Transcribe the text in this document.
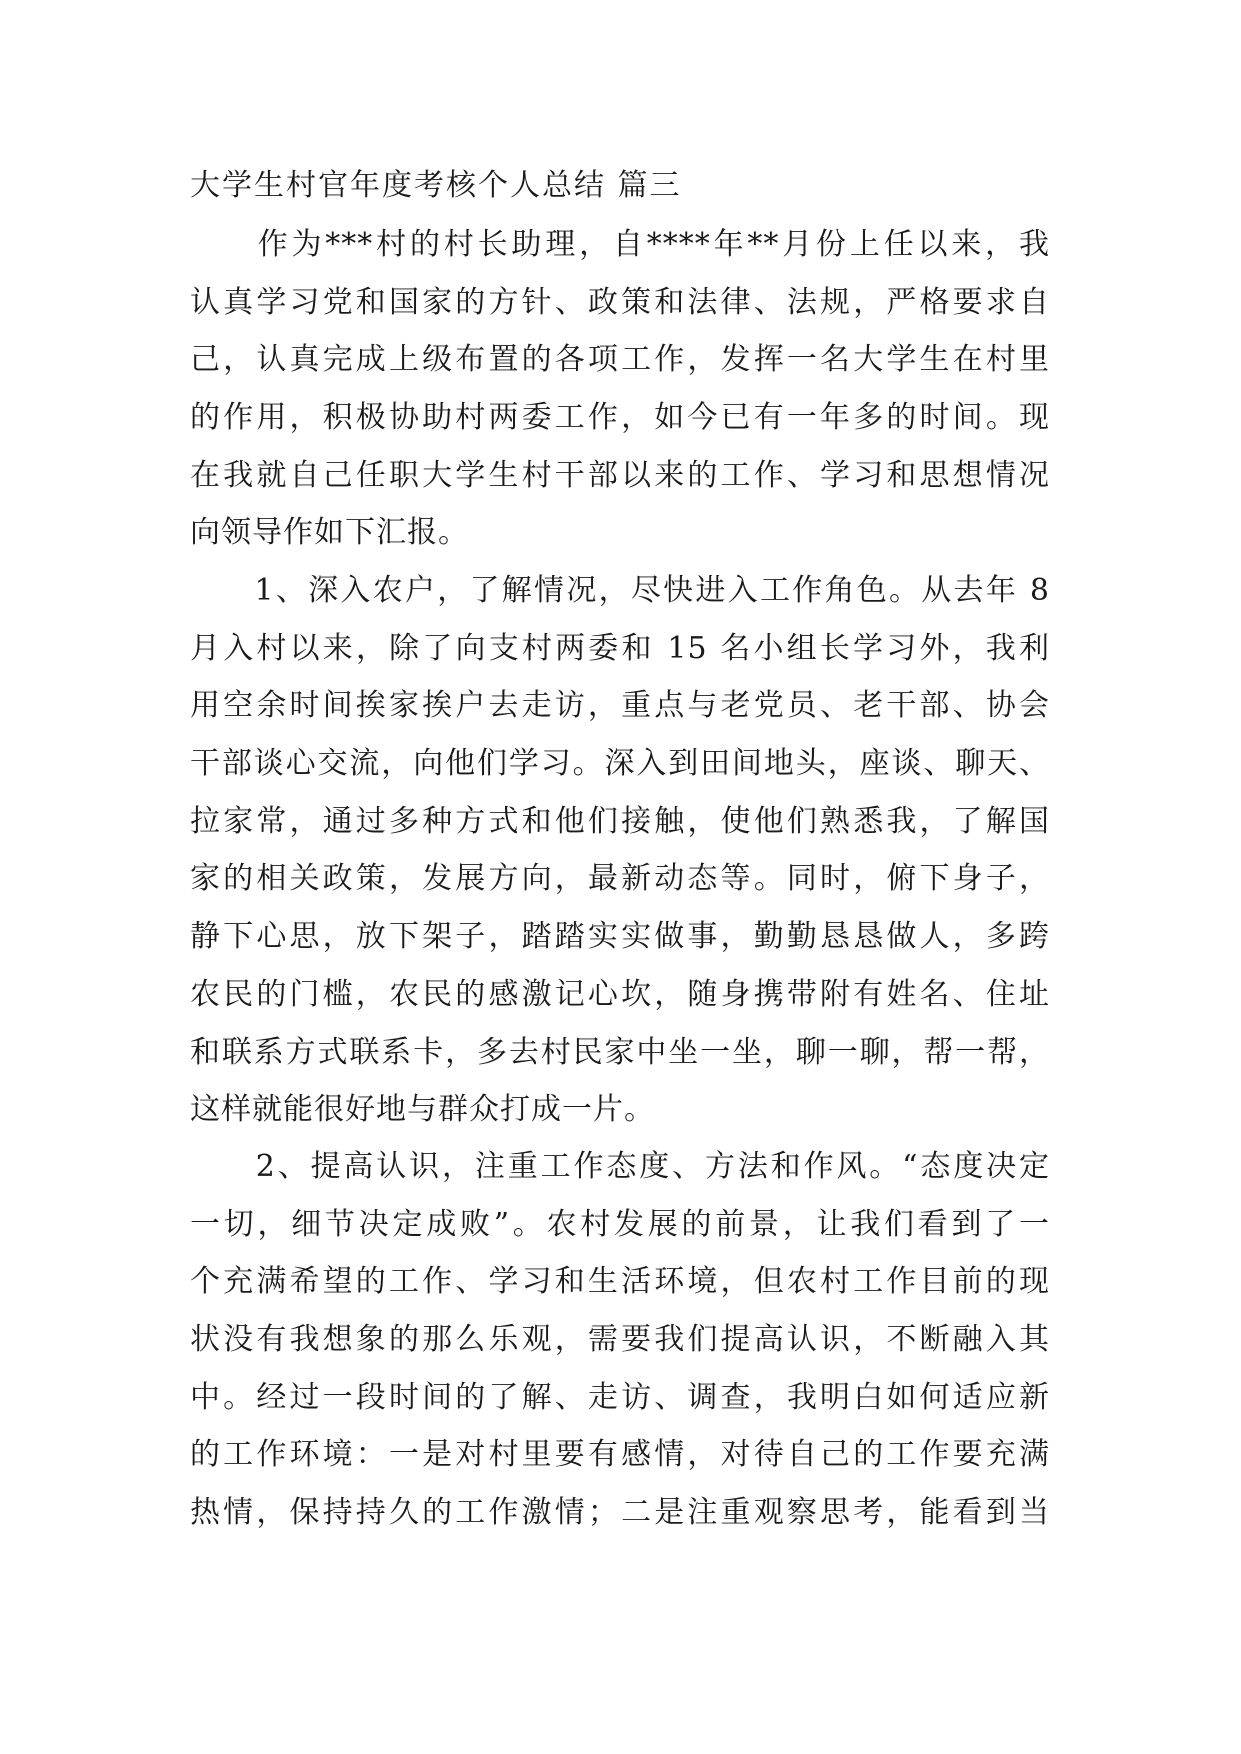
大学生村官年度考核个人总结 篇三
　　作为***村的村长助理，自****年**月份上任以来，我
认真学习党和国家的方针、政策和法律、法规，严格要求自
己，认真完成上级布置的各项工作，发挥一名大学生在村里
的作用，积极协助村两委工作，如今已有一年多的时间。现
在我就自己任职大学生村干部以来的工作、学习和思想情况
向领导作如下汇报。
　　1、深入农户，了解情况，尽快进入工作角色。从去年 8
月入村以来，除了向支村两委和 15 名小组长学习外，我利
用空余时间挨家挨户去走访，重点与老党员、老干部、协会
干部谈心交流，向他们学习。深入到田间地头，座谈、聊天、
拉家常，通过多种方式和他们接触，使他们熟悉我，了解国
家的相关政策，发展方向，最新动态等。同时，俯下身子，
静下心思，放下架子，踏踏实实做事，勤勤恳恳做人，多跨
农民的门槛，农民的感激记心坎，随身携带附有姓名、住址
和联系方式联系卡，多去村民家中坐一坐，聊一聊，帮一帮，
这样就能很好地与群众打成一片。
　　2、提高认识，注重工作态度、方法和作风。“态度决定
一切，细节决定成败”。农村发展的前景，让我们看到了一
个充满希望的工作、学习和生活环境，但农村工作目前的现
状没有我想象的那么乐观，需要我们提高认识，不断融入其
中。经过一段时间的了解、走访、调查，我明白如何适应新
的工作环境：一是对村里要有感情，对待自己的工作要充满
热情，保持持久的工作激情；二是注重观察思考，能看到当
